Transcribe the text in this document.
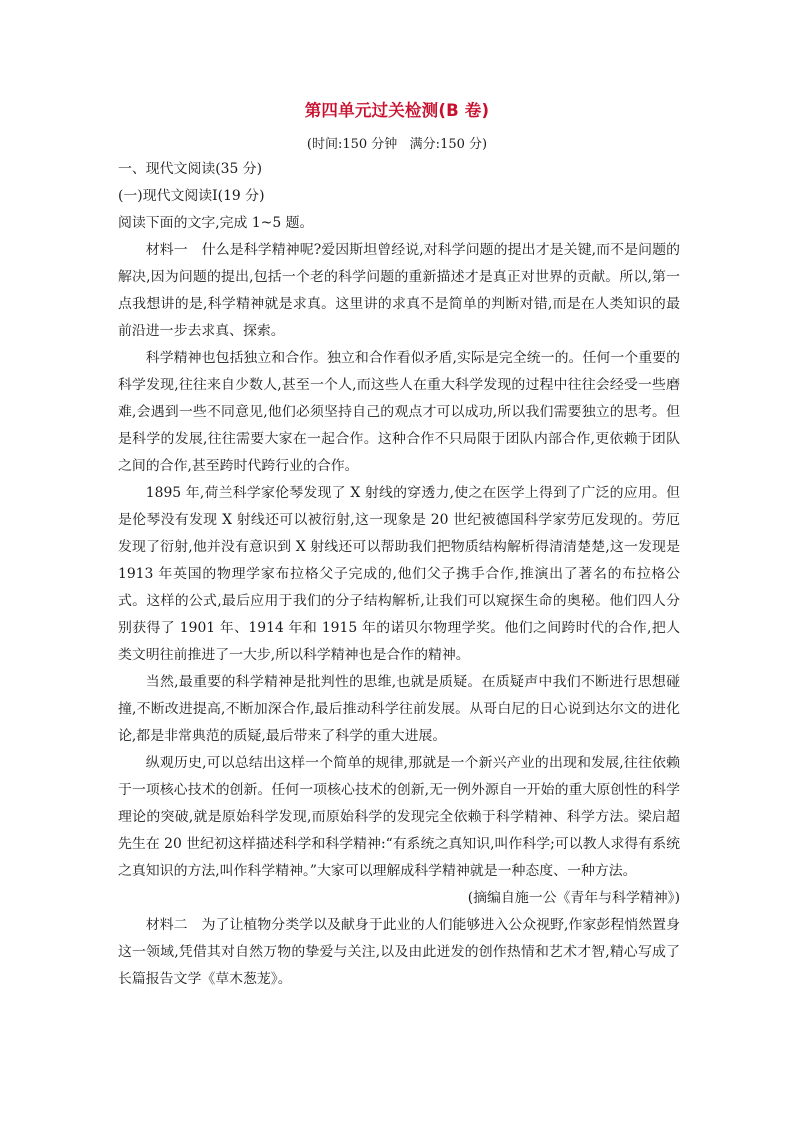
第四单元过关检测(B 卷)
(时间:150 分钟   满分:150 分)

一、现代文阅读(35 分)

(一)现代文阅读Ⅰ(19 分)

阅读下面的文字,完成 1~5 题。

材料一　什么是科学精神呢?爱因斯坦曾经说,对科学问题的提出才是关键,而不是问题的解决,因为问题的提出,包括一个老的科学问题的重新描述才是真正对世界的贡献。所以,第一点我想讲的是,科学精神就是求真。这里讲的求真不是简单的判断对错,而是在人类知识的最前沿进一步去求真、探索。

科学精神也包括独立和合作。独立和合作看似矛盾,实际是完全统一的。任何一个重要的科学发现,往往来自少数人,甚至一个人,而这些人在重大科学发现的过程中往往会经受一些磨难,会遇到一些不同意见,他们必须坚持自己的观点才可以成功,所以我们需要独立的思考。但是科学的发展,往往需要大家在一起合作。这种合作不只局限于团队内部合作,更依赖于团队之间的合作,甚至跨时代跨行业的合作。

1895 年,荷兰科学家伦琴发现了 X 射线的穿透力,使之在医学上得到了广泛的应用。但是伦琴没有发现 X 射线还可以被衍射,这一现象是 20 世纪被德国科学家劳厄发现的。劳厄发现了衍射,他并没有意识到 X 射线还可以帮助我们把物质结构解析得清清楚楚,这一发现是 1913 年英国的物理学家布拉格父子完成的,他们父子携手合作,推演出了著名的布拉格公式。这样的公式,最后应用于我们的分子结构解析,让我们可以窥探生命的奥秘。他们四人分别获得了 1901 年、1914 年和 1915 年的诺贝尔物理学奖。他们之间跨时代的合作,把人类文明往前推进了一大步,所以科学精神也是合作的精神。

当然,最重要的科学精神是批判性的思维,也就是质疑。在质疑声中我们不断进行思想碰撞,不断改进提高,不断加深合作,最后推动科学往前发展。从哥白尼的日心说到达尔文的进化论,都是非常典范的质疑,最后带来了科学的重大进展。

纵观历史,可以总结出这样一个简单的规律,那就是一个新兴产业的出现和发展,往往依赖于一项核心技术的创新。任何一项核心技术的创新,无一例外源自一开始的重大原创性的科学理论的突破,就是原始科学发现,而原始科学的发现完全依赖于科学精神、科学方法。梁启超先生在 20 世纪初这样描述科学和科学精神:“有系统之真知识,叫作科学;可以教人求得有系统之真知识的方法,叫作科学精神。”大家可以理解成科学精神就是一种态度、一种方法。

(摘编自施一公《青年与科学精神》)

材料二　为了让植物分类学以及献身于此业的人们能够进入公众视野,作家彭程悄然置身这一领域,凭借其对自然万物的挚爱与关注,以及由此迸发的创作热情和艺术才智,精心写成了长篇报告文学《草木葱茏》。
